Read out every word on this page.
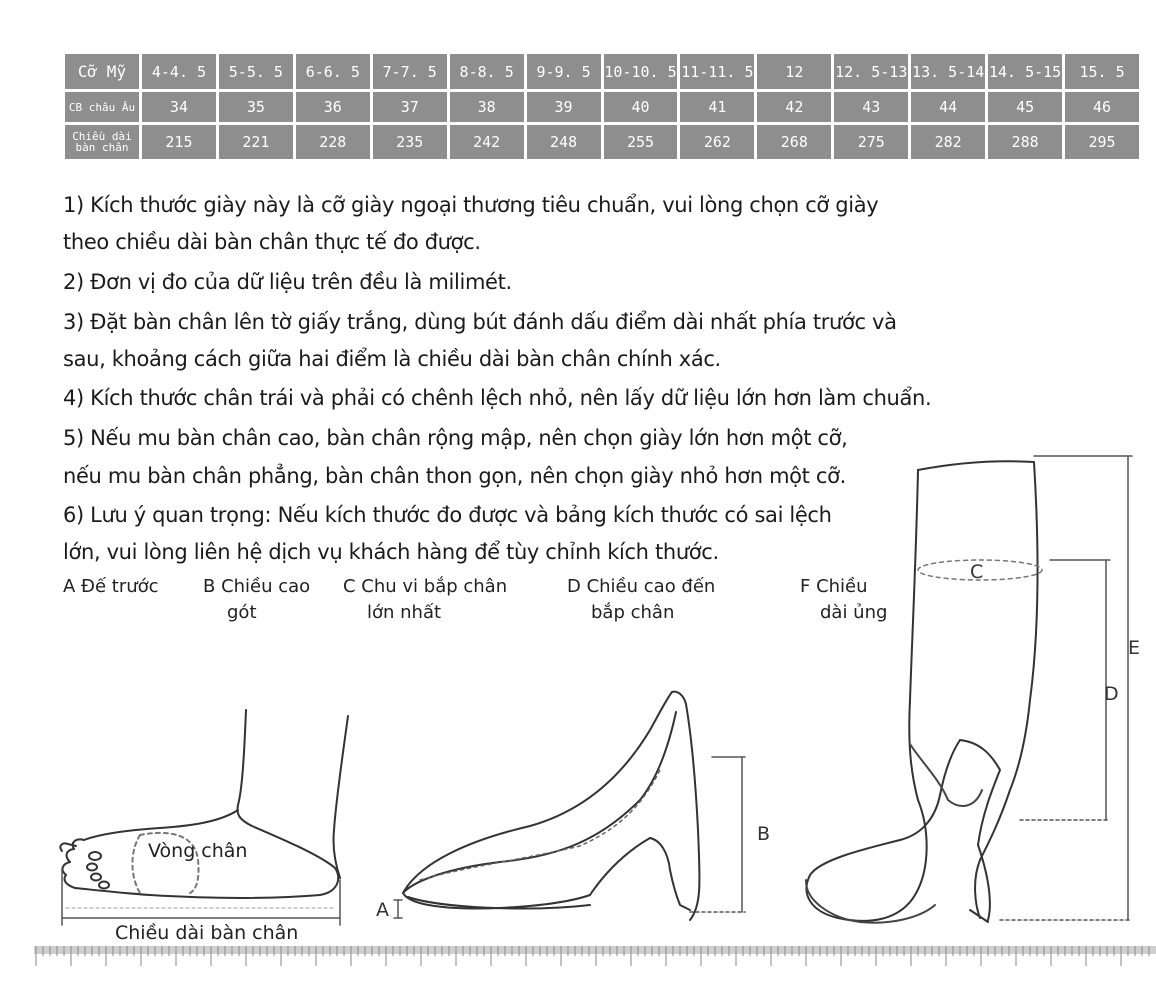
Cỡ Mỹ	4-4. 5	5-5. 5	6-6. 5	7-7. 5	8-8. 5	9-9. 5	10-10. 5	11-11. 5	12	12. 5-13	13. 5-14	14. 5-15	15. 5
CB châu Âu	34	35	36	37	38	39	40	41	42	43	44	45	46
Chiều dài bàn chân	215	221	228	235	242	248	255	262	268	275	282	288	295
1) Kích thước giày này là cỡ giày ngoại thương tiêu chuẩn, vui lòng chọn cỡ giày
theo chiều dài bàn chân thực tế đo được.
2) Đơn vị đo của dữ liệu trên đều là milimét.
3) Đặt bàn chân lên tờ giấy trắng, dùng bút đánh dấu điểm dài nhất phía trước và
sau, khoảng cách giữa hai điểm là chiều dài bàn chân chính xác.
4) Kích thước chân trái và phải có chênh lệch nhỏ, nên lấy dữ liệu lớn hơn làm chuẩn.
5) Nếu mu bàn chân cao, bàn chân rộng mập, nên chọn giày lớn hơn một cỡ,
nếu mu bàn chân phẳng, bàn chân thon gọn, nên chọn giày nhỏ hơn một cỡ.
6) Lưu ý quan trọng: Nếu kích thước đo được và bảng kích thước có sai lệch
lớn, vui lòng liên hệ dịch vụ khách hàng để tùy chỉnh kích thước.
A Đế trước B Chiều cao
gót
C Chu vi bắp chân
lớn nhất
D Chiều cao đến
bắp chân
F Chiều
dài ủng
Vòng chân
Chiều dài bàn chân
A
B
C
D
E
